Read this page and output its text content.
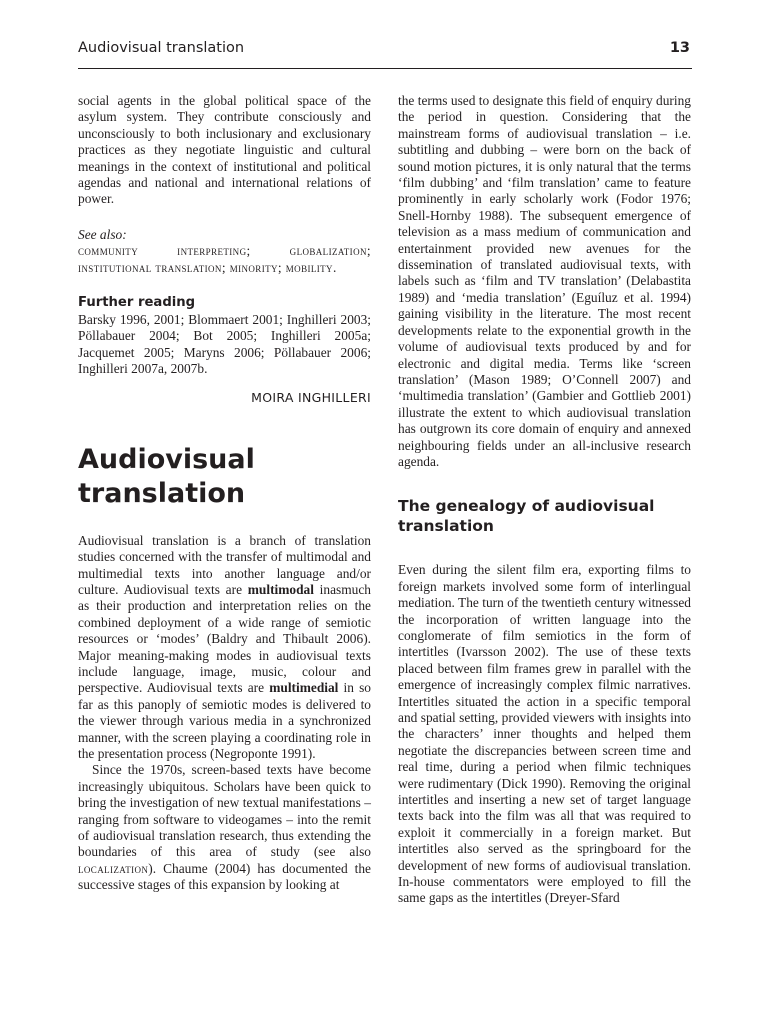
Audiovisual translation	13

social agents in the global political space of the asylum system. They contribute consciously and unconsciously to both inclusionary and exclusionary practices as they negotiate linguistic and cultural meanings in the context of institutional and political agendas and national and international relations of power.

See also:

community interpreting; globalization; institutional translation; minority; mobility.

Further reading

Barsky 1996, 2001; Blommaert 2001; Inghilleri 2003; Pöllabauer 2004; Bot 2005; Inghilleri 2005a; Jacquemet 2005; Maryns 2006; Pöllabauer 2006; Inghilleri 2007a, 2007b.

MOIRA INGHILLERI

Audiovisual translation

Audiovisual translation is a branch of translation studies concerned with the transfer of multimodal and multimedial texts into another language and/or culture. Audiovisual texts are multimodal inasmuch as their production and interpretation relies on the combined deployment of a wide range of semiotic resources or ‘modes’ (Baldry and Thibault 2006). Major meaning-making modes in audiovisual texts include language, image, music, colour and perspective. Audiovisual texts are multimedial in so far as this panoply of semiotic modes is delivered to the viewer through various media in a synchronized manner, with the screen playing a coordinating role in the presentation process (Negroponte 1991).

Since the 1970s, screen-based texts have become increasingly ubiquitous. Scholars have been quick to bring the investigation of new textual manifestations – ranging from software to videogames – into the remit of audiovisual translation research, thus extending the boundaries of this area of study (see also localization). Chaume (2004) has documented the successive stages of this expansion by looking at

the terms used to designate this field of enquiry during the period in question. Considering that the mainstream forms of audiovisual translation – i.e. subtitling and dubbing – were born on the back of sound motion pictures, it is only natural that the terms ‘film dubbing’ and ‘film translation’ came to feature prominently in early scholarly work (Fodor 1976; Snell-Hornby 1988). The subsequent emergence of television as a mass medium of communication and entertainment provided new avenues for the dissemination of translated audiovisual texts, with labels such as ‘film and TV translation’ (Delabastita 1989) and ‘media translation’ (Eguíluz et al. 1994) gaining visibility in the literature. The most recent developments relate to the exponential growth in the volume of audiovisual texts produced by and for electronic and digital media. Terms like ‘screen translation’ (Mason 1989; O’Connell 2007) and ‘multimedia translation’ (Gambier and Gottlieb 2001) illustrate the extent to which audiovisual translation has outgrown its core domain of enquiry and annexed neighbouring fields under an all-inclusive research agenda.

The genealogy of audiovisual translation

Even during the silent film era, exporting films to foreign markets involved some form of interlingual mediation. The turn of the twentieth century witnessed the incorporation of written language into the conglomerate of film semiotics in the form of intertitles (Ivarsson 2002). The use of these texts placed between film frames grew in parallel with the emergence of increasingly complex filmic narratives. Intertitles situated the action in a specific temporal and spatial setting, provided viewers with insights into the characters’ inner thoughts and helped them negotiate the discrepancies between screen time and real time, during a period when filmic techniques were rudimentary (Dick 1990). Removing the original intertitles and inserting a new set of target language texts back into the film was all that was required to exploit it commercially in a foreign market. But intertitles also served as the springboard for the development of new forms of audiovisual translation. In-house commentators were employed to fill the same gaps as the intertitles (Dreyer-Sfard
